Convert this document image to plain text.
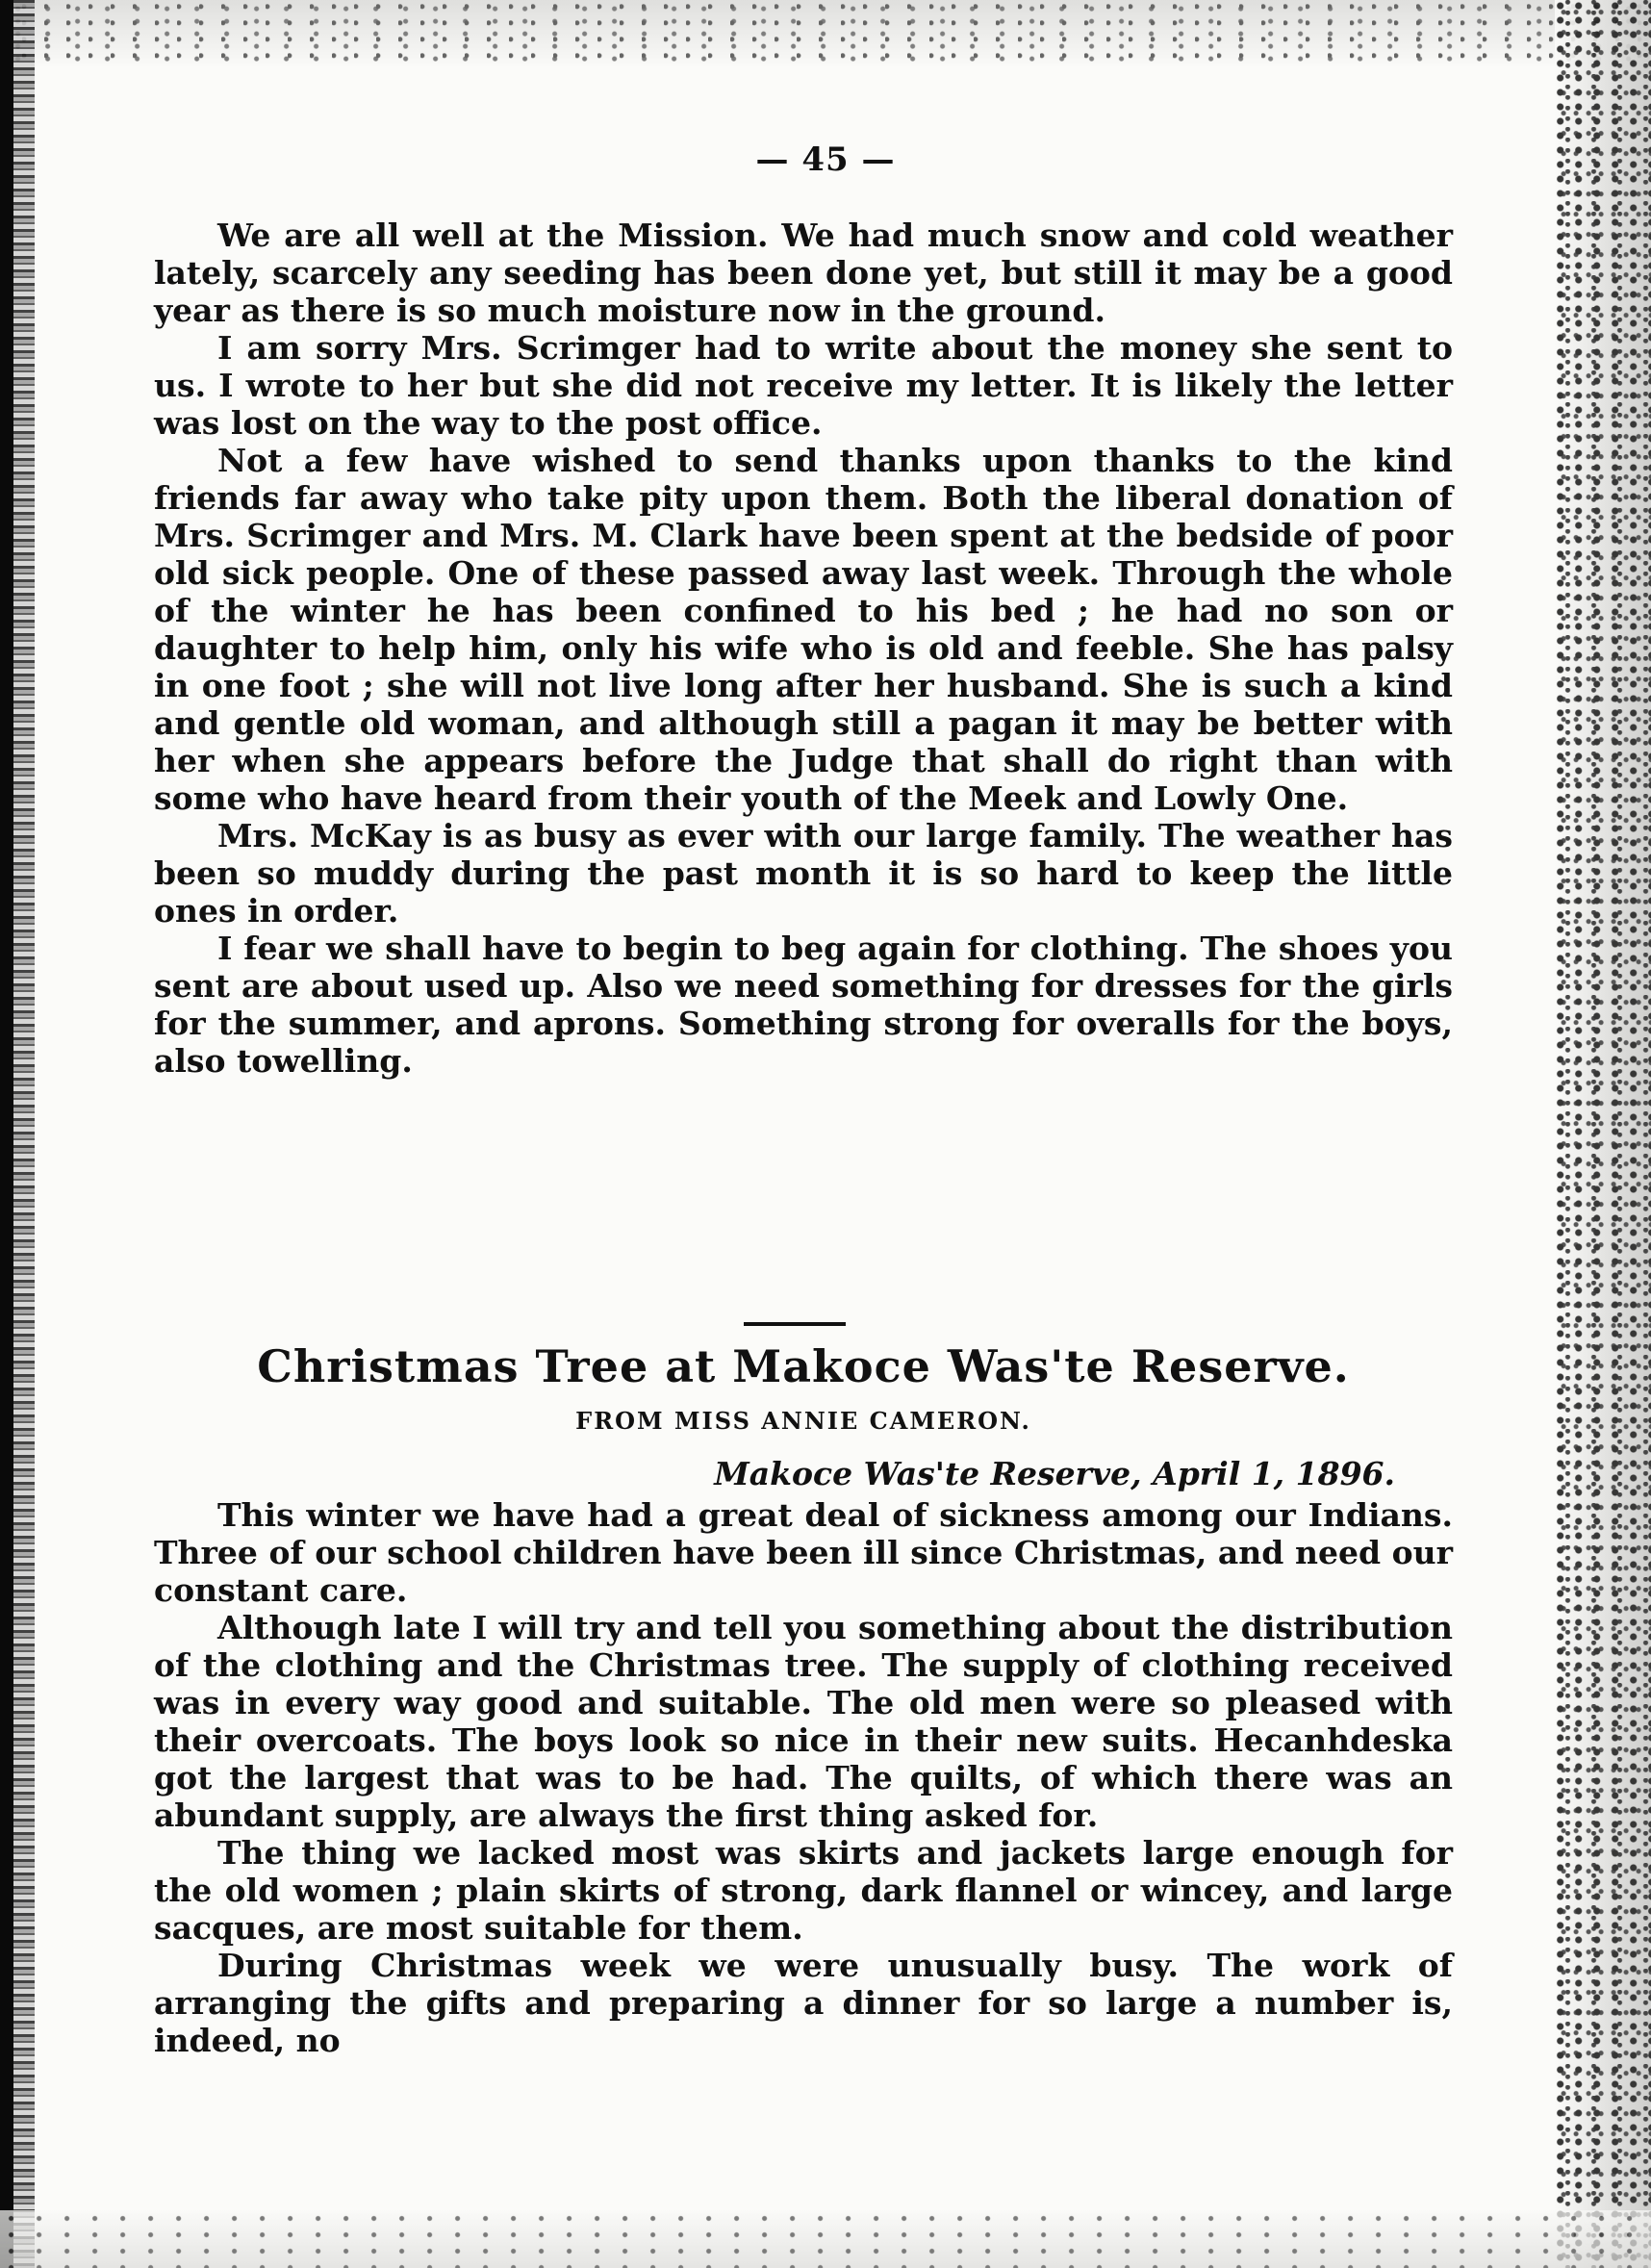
— 45 —

We are all well at the Mission. We had much snow and cold weather lately, scarcely any seeding has been done yet, but still it may be a good year as there is so much moisture now in the ground.

I am sorry Mrs. Scrimger had to write about the money she sent to us. I wrote to her but she did not receive my letter. It is likely the letter was lost on the way to the post office.

Not a few have wished to send thanks upon thanks to the kind friends far away who take pity upon them. Both the liberal donation of Mrs. Scrimger and Mrs. M. Clark have been spent at the bedside of poor old sick people. One of these passed away last week. Through the whole of the winter he has been confined to his bed ; he had no son or daughter to help him, only his wife who is old and feeble. She has palsy in one foot ; she will not live long after her husband. She is such a kind and gentle old woman, and although still a pagan it may be better with her when she appears before the Judge that shall do right than with some who have heard from their youth of the Meek and Lowly One.

Mrs. McKay is as busy as ever with our large family. The weather has been so muddy during the past month it is so hard to keep the little ones in order.

I fear we shall have to begin to beg again for clothing. The shoes you sent are about used up. Also we need something for dresses for the girls for the summer, and aprons. Something strong for overalls for the boys, also towelling.

Christmas Tree at Makoce Was'te Reserve.
FROM MISS ANNIE CAMERON.
Makoce Was'te Reserve, April 1, 1896.

This winter we have had a great deal of sickness among our Indians. Three of our school children have been ill since Christmas, and need our constant care.

Although late I will try and tell you something about the distribution of the clothing and the Christmas tree. The supply of clothing received was in every way good and suitable. The old men were so pleased with their overcoats. The boys look so nice in their new suits. Hecanhdeska got the largest that was to be had. The quilts, of which there was an abundant supply, are always the first thing asked for.

The thing we lacked most was skirts and jackets large enough for the old women ; plain skirts of strong, dark flannel or wincey, and large sacques, are most suitable for them.

During Christmas week we were unusually busy. The work of arranging the gifts and preparing a dinner for so large a number is, indeed, no
